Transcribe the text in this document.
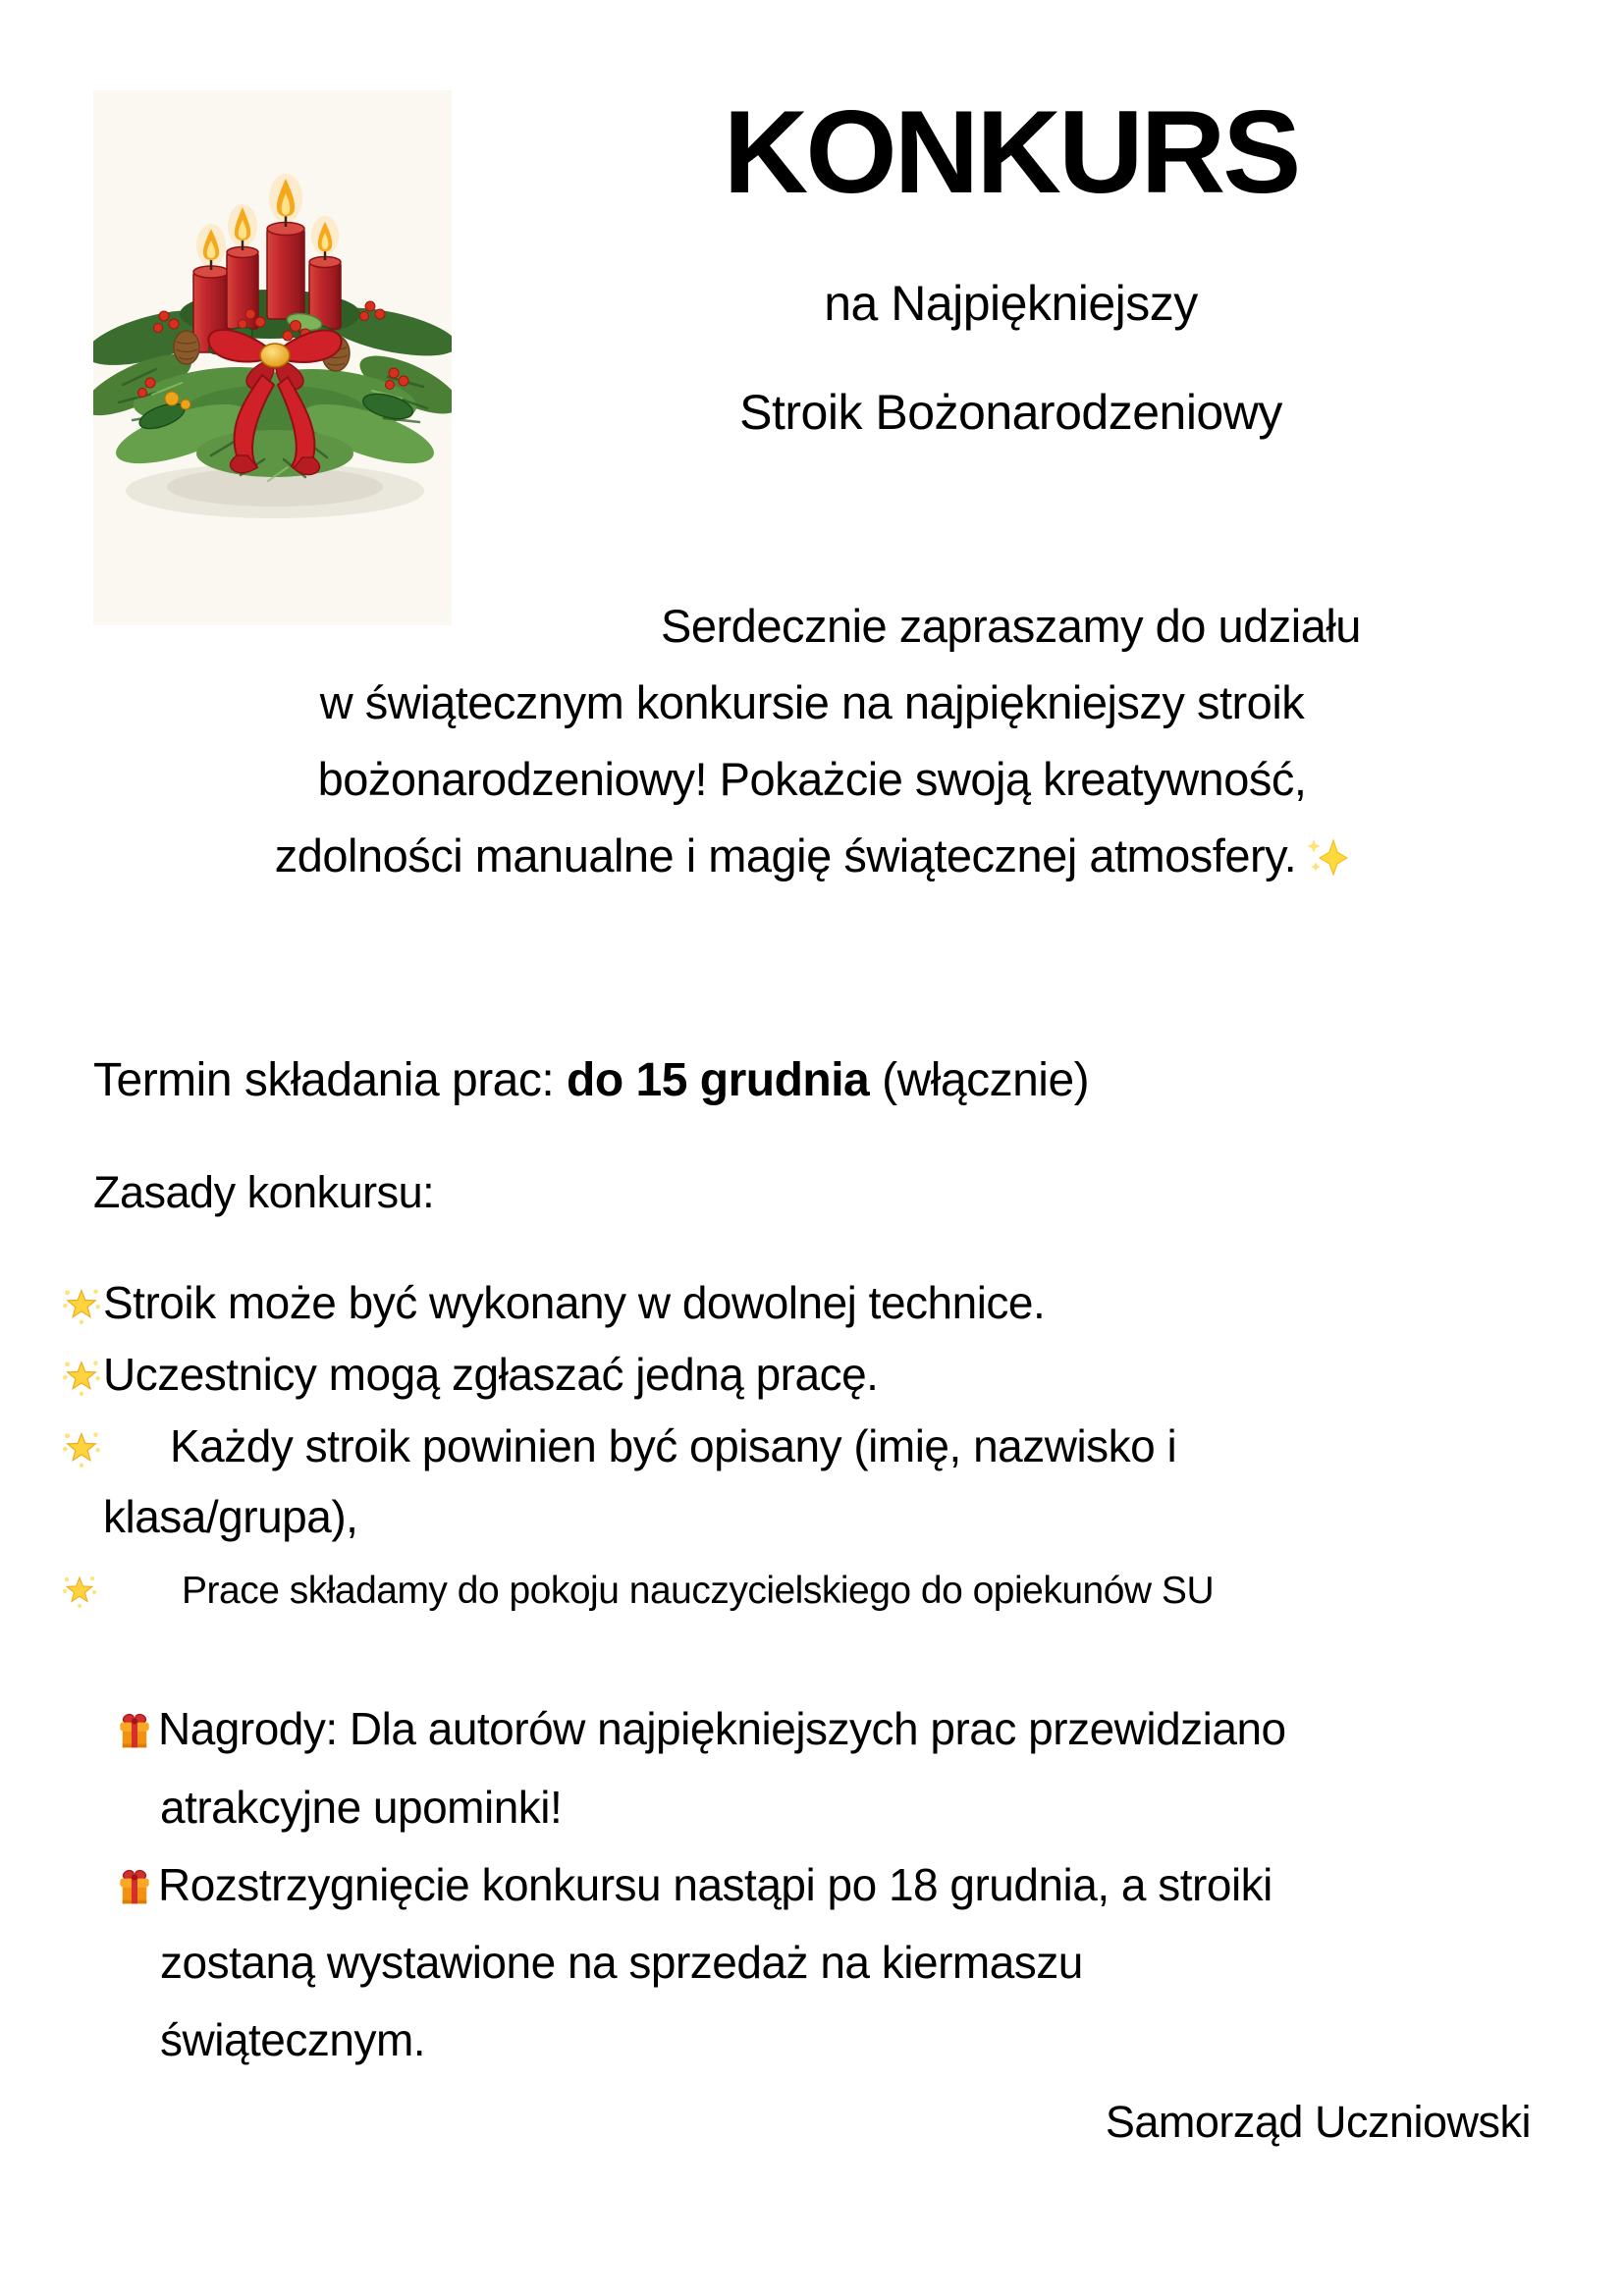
KONKURS
na Najpiękniejszy
Stroik Bożonarodzeniowy

Serdecznie zapraszamy do udziału
w świątecznym konkursie na najpiękniejszy stroik
bożonarodzeniowy! Pokażcie swoją kreatywność,
zdolności manualne i magię świątecznej atmosfery.

Termin składania prac: do 15 grudnia (włącznie)

Zasady konkursu:

Stroik może być wykonany w dowolnej technice.
Uczestnicy mogą zgłaszać jedną pracę.
Każdy stroik powinien być opisany (imię, nazwisko i
klasa/grupa),
Prace składamy do pokoju nauczycielskiego do opiekunów SU
Nagrody: Dla autorów najpiękniejszych prac przewidziano
atrakcyjne upominki!
Rozstrzygnięcie konkursu nastąpi po 18 grudnia, a stroiki
zostaną wystawione na sprzedaż na kiermaszu
świątecznym.

Samorząd Uczniowski
